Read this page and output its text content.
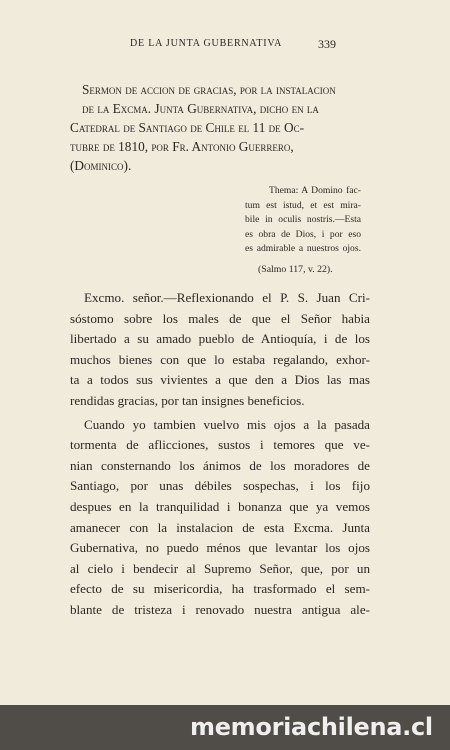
DE LA JUNTA GUBERNATIVA	339
Sermon de accion de gracias, por la instalacion
de la Excma. Junta Gubernativa, dicho en la
Catedral de Santiago de Chile el 11 de Oc-
tubre de 1810, por Fr. Antonio Guerrero,
(Dominico).
Thema: A Domino fac-
tum est istud, et est mira-
bile in oculis nostris.—Esta
es obra de Dios, i por eso
es admirable a nuestros ojos.
(Salmo 117, v. 22).
Excmo. señor.—Reflexionando el P. S. Juan Cri-
sóstomo sobre los males de que el Señor habia
libertado a su amado pueblo de Antioquía, i de los
muchos bienes con que lo estaba regalando, exhor-
ta a todos sus vivientes a que den a Dios las mas
rendidas gracias, por tan insignes beneficios.
Cuando yo tambien vuelvo mis ojos a la pasada
tormenta de aflicciones, sustos i temores que ve-
nian consternando los ánimos de los moradores de
Santiago, por unas débiles sospechas, i los fijo
despues en la tranquilidad i bonanza que ya vemos
amanecer con la instalacion de esta Excma. Junta
Gubernativa, no puedo ménos que levantar los ojos
al cielo i bendecir al Supremo Señor, que, por un
efecto de su misericordia, ha trasformado el sem-
blante de tristeza i renovado nuestra antigua ale-
memoriachilena.cl
